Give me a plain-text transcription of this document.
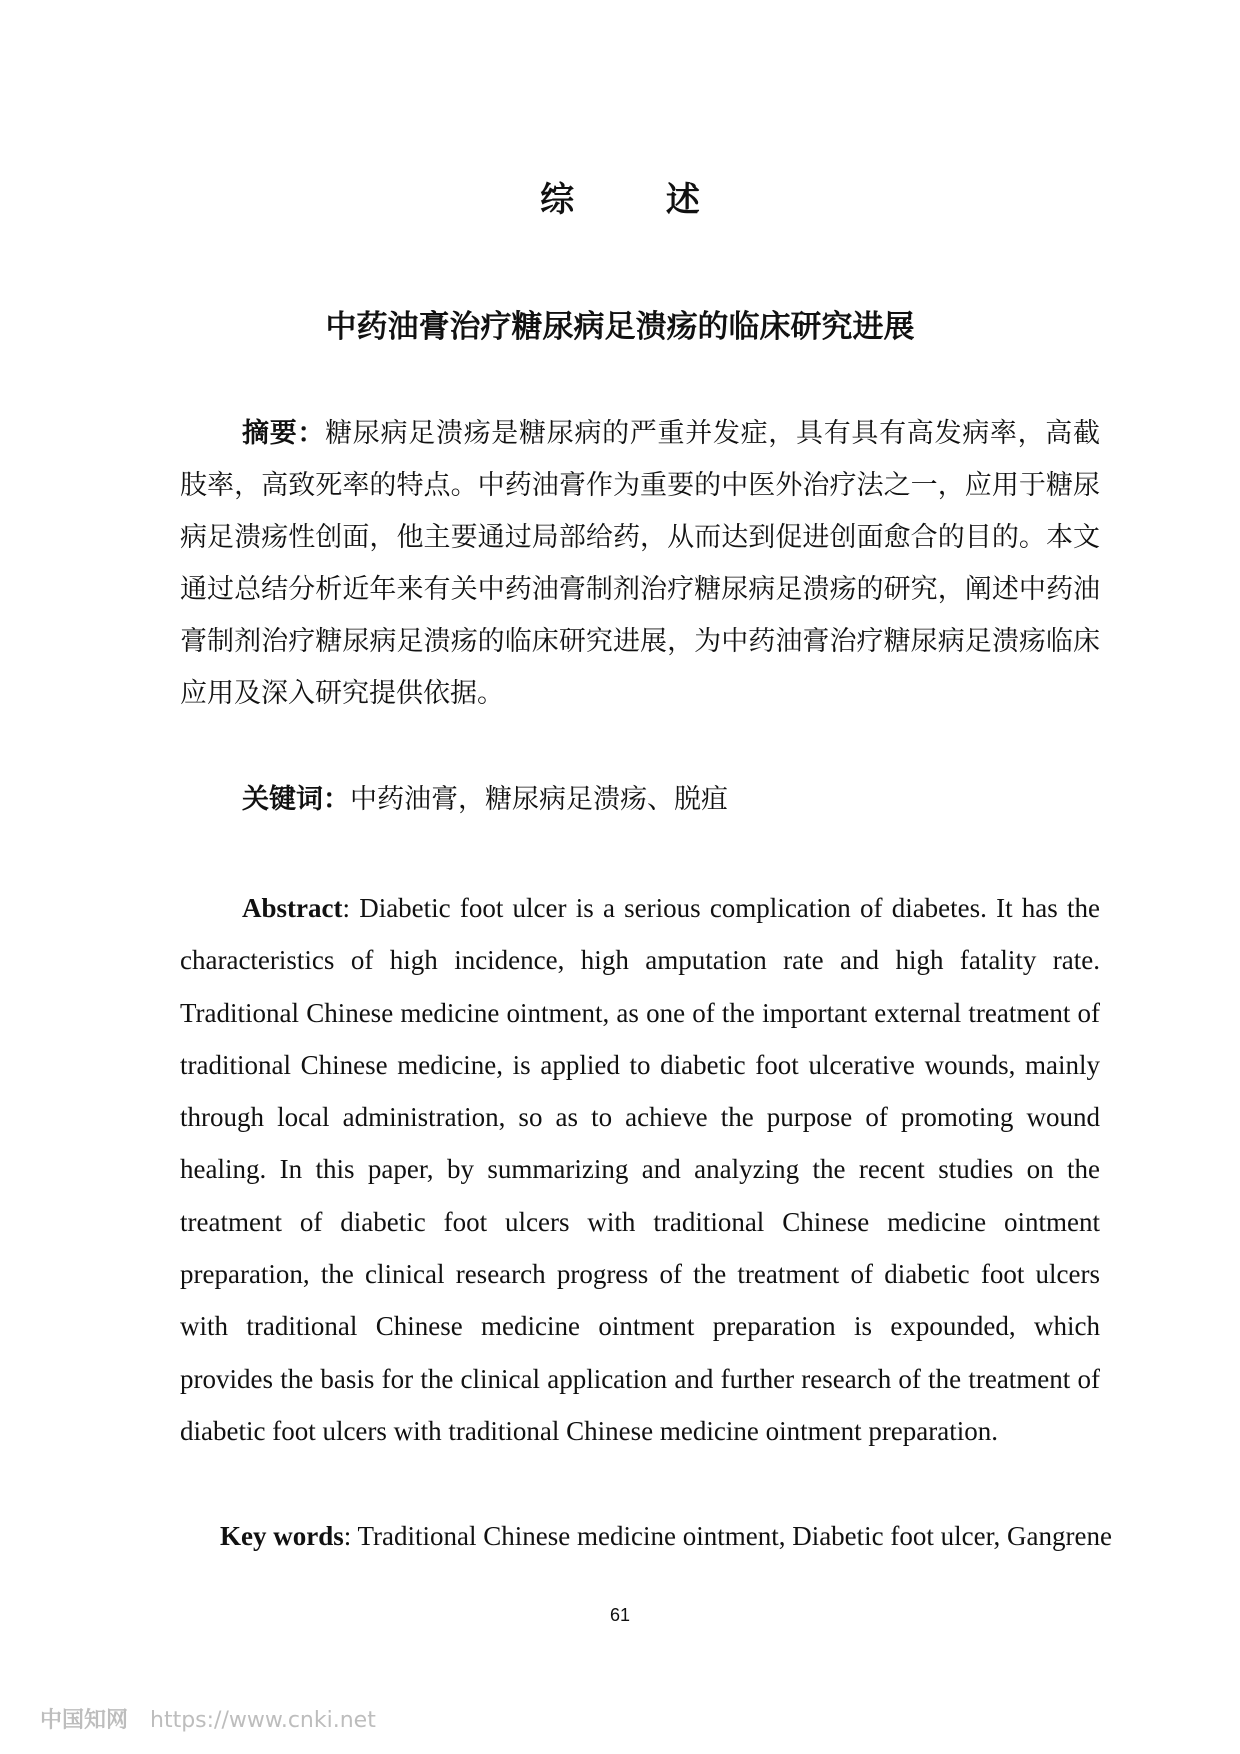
综 述
中药油膏治疗糖尿病足溃疡的临床研究进展
摘要：糖尿病足溃疡是糖尿病的严重并发症，具有具有高发病率，高截肢率，高致死率的特点。中药油膏作为重要的中医外治疗法之一，应用于糖尿病足溃疡性创面，他主要通过局部给药，从而达到促进创面愈合的目的。本文通过总结分析近年来有关中药油膏制剂治疗糖尿病足溃疡的研究，阐述中药油膏制剂治疗糖尿病足溃疡的临床研究进展，为中药油膏治疗糖尿病足溃疡临床应用及深入研究提供依据。
关键词：中药油膏，糖尿病足溃疡、脱疽
Abstract: Diabetic foot ulcer is a serious complication of diabetes. It has the characteristics of high incidence, high amputation rate and high fatality rate. Traditional Chinese medicine ointment, as one of the important external treatment of traditional Chinese medicine, is applied to diabetic foot ulcerative wounds, mainly through local administration, so as to achieve the purpose of promoting wound healing. In this paper, by summarizing and analyzing the recent studies on the treatment of diabetic foot ulcers with traditional Chinese medicine ointment preparation, the clinical research progress of the treatment of diabetic foot ulcers with traditional Chinese medicine ointment preparation is expounded, which provides the basis for the clinical application and further research of the treatment of diabetic foot ulcers with traditional Chinese medicine ointment preparation.
Key words: Traditional Chinese medicine ointment, Diabetic foot ulcer, Gangrene
61
中国知网 https://www.cnki.net
